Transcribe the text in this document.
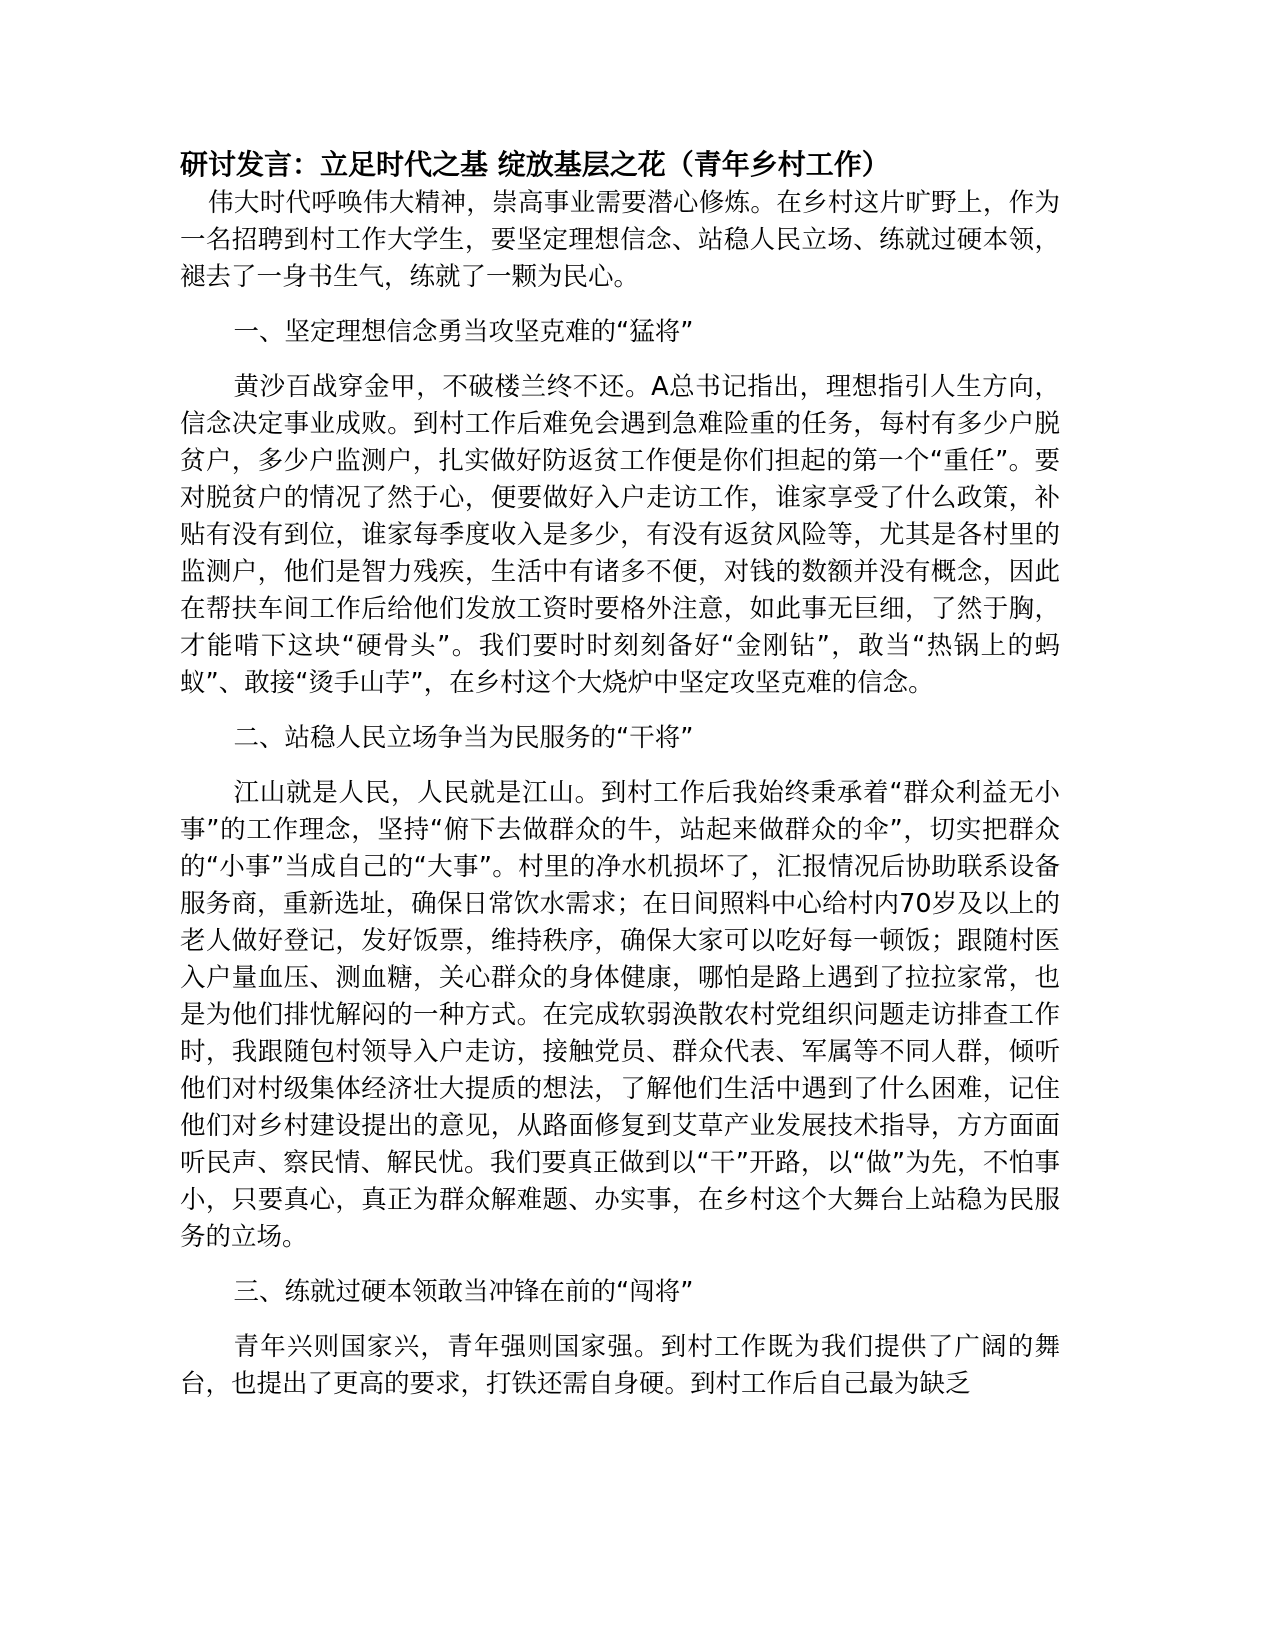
研讨发言：立足时代之基 绽放基层之花（青年乡村工作）

伟大时代呼唤伟大精神，崇高事业需要潜心修炼。在乡村这片旷野上，作为一名招聘到村工作大学生，要坚定理想信念、站稳人民立场、练就过硬本领，褪去了一身书生气，练就了一颗为民心。

一、坚定理想信念勇当攻坚克难的“猛将”

黄沙百战穿金甲，不破楼兰终不还。A总书记指出，理想指引人生方向，信念决定事业成败。到村工作后难免会遇到急难险重的任务，每村有多少户脱贫户，多少户监测户，扎实做好防返贫工作便是你们担起的第一个“重任”。要对脱贫户的情况了然于心，便要做好入户走访工作，谁家享受了什么政策，补贴有没有到位，谁家每季度收入是多少，有没有返贫风险等，尤其是各村里的监测户，他们是智力残疾，生活中有诸多不便，对钱的数额并没有概念，因此在帮扶车间工作后给他们发放工资时要格外注意，如此事无巨细，了然于胸，才能啃下这块“硬骨头”。我们要时时刻刻备好“金刚钻”，敢当“热锅上的蚂蚁”、敢接“烫手山芋”，在乡村这个大烧炉中坚定攻坚克难的信念。

二、站稳人民立场争当为民服务的“干将”

江山就是人民，人民就是江山。到村工作后我始终秉承着“群众利益无小事”的工作理念，坚持“俯下去做群众的牛，站起来做群众的伞”，切实把群众的“小事”当成自己的“大事”。村里的净水机损坏了，汇报情况后协助联系设备服务商，重新选址，确保日常饮水需求；在日间照料中心给村内70岁及以上的老人做好登记，发好饭票，维持秩序，确保大家可以吃好每一顿饭；跟随村医入户量血压、测血糖，关心群众的身体健康，哪怕是路上遇到了拉拉家常，也是为他们排忧解闷的一种方式。在完成软弱涣散农村党组织问题走访排查工作时，我跟随包村领导入户走访，接触党员、群众代表、军属等不同人群，倾听他们对村级集体经济壮大提质的想法，了解他们生活中遇到了什么困难，记住他们对乡村建设提出的意见，从路面修复到艾草产业发展技术指导，方方面面听民声、察民情、解民忧。我们要真正做到以“干”开路，以“做”为先，不怕事小，只要真心，真正为群众解难题、办实事，在乡村这个大舞台上站稳为民服务的立场。

三、练就过硬本领敢当冲锋在前的“闯将”

青年兴则国家兴，青年强则国家强。到村工作既为我们提供了广阔的舞台，也提出了更高的要求，打铁还需自身硬。到村工作后自己最为缺乏
